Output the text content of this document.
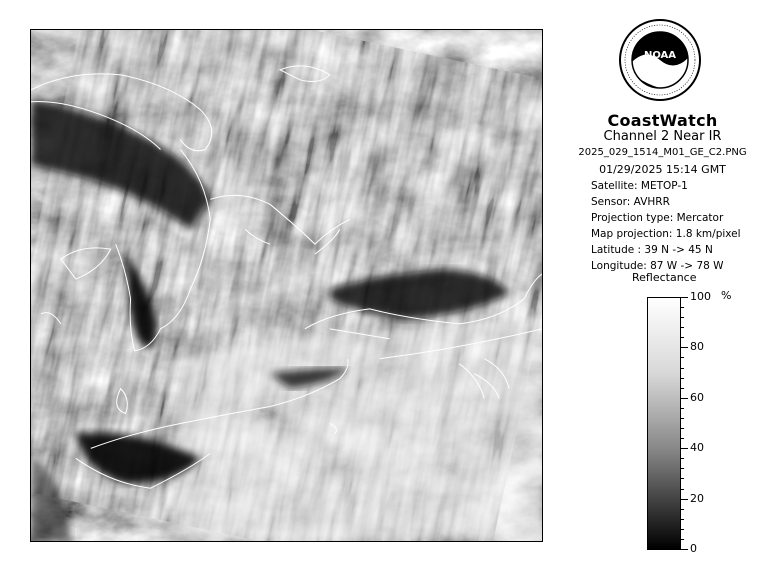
NOAA
CoastWatch
Channel 2 Near IR
2025_029_1514_M01_GE_C2.PNG
01/29/2025 15:14 GMT
Satellite: METOP-1
Sensor: AVHRR
Projection type: Mercator
Map projection: 1.8 km/pixel
Latitude : 39 N -> 45 N
Longitude: 87 W -> 78 W
Reflectance
%
100
80
60
40
20
0
